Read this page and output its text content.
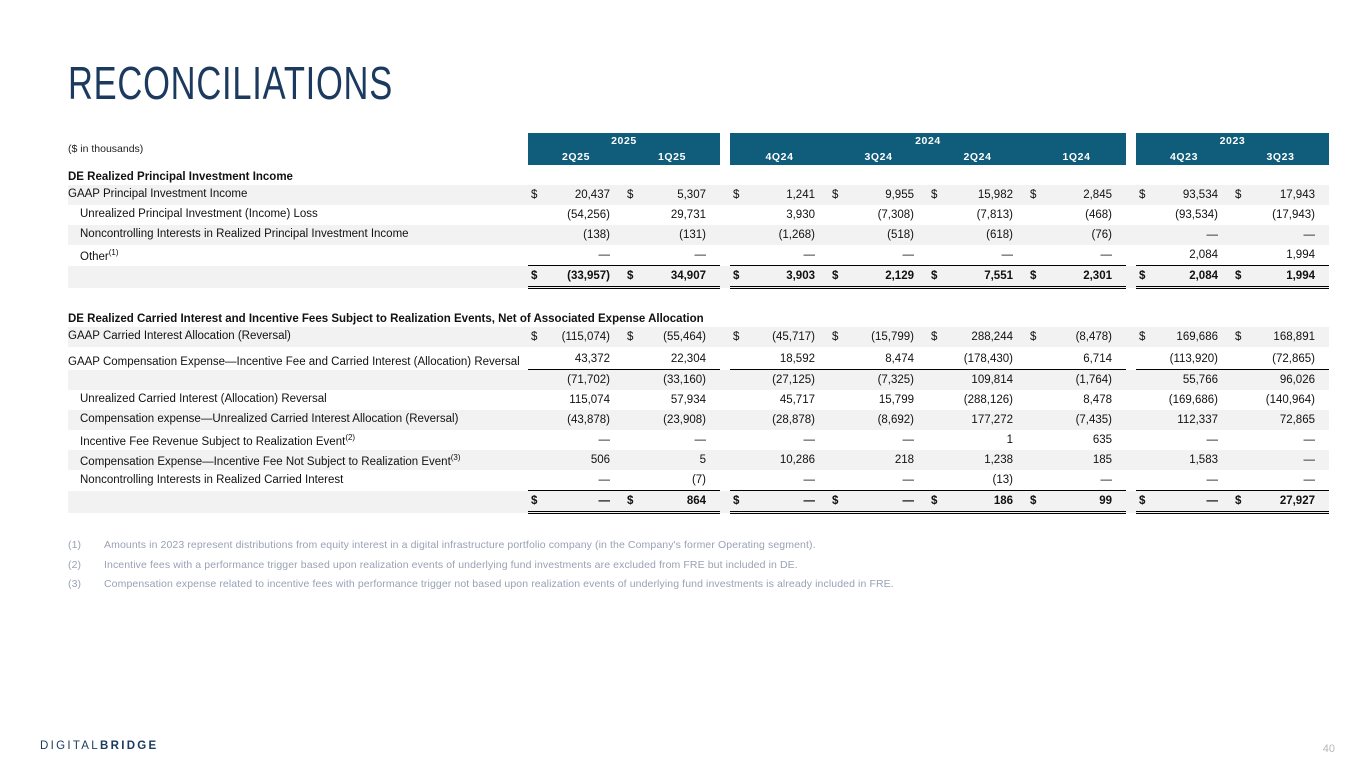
RECONCILIATIONS
($ in thousands)	2025			2024					2023	
	2Q25	1Q25		4Q24	3Q24	2Q24	1Q24		4Q23	3Q23
DE Realized Principal Investment Income										
GAAP Principal Investment Income	$ 20,437	$ 5,307		$ 1,241	$ 9,955	$ 15,982	$ 2,845		$ 93,534	$ 17,943

Unrealized Principal Investment (Income) Loss	(54,256)	29,731		3,930	(7,308)	(7,813)	(468)		(93,534)	(17,943)

Noncontrolling Interests in Realized Principal Investment Income	(138)	(131)		(1,268)	(518)	(618)	(76)		—	—

Other$^{(1)}$	—	—		—	—	—	—		2,084	1,994

	$ (33,957)	$ 34,907		$ 3,903	$ 2,129	$ 7,551	$ 2,301		$ 2,084	$ 1,994

DE Realized Carried Interest and Incentive Fees Subject to Realization Events, Net of Associated Expense Allocation										
GAAP Carried Interest Allocation (Reversal)	$ (115,074)	$ (55,464)		$ (45,717)	$ (15,799)	$ 288,244	$ (8,478)		$ 169,686	$ 168,891

GAAP Compensation Expense—Incentive Fee and Carried Interest (Allocation) Reversal	43,372	22,304		18,592	8,474	(178,430)	6,714		(113,920)	(72,865)

	(71,702)	(33,160)		(27,125)	(7,325)	109,814	(1,764)		55,766	96,026

Unrealized Carried Interest (Allocation) Reversal	115,074	57,934		45,717	15,799	(288,126)	8,478		(169,686)	(140,964)

Compensation expense—Unrealized Carried Interest Allocation (Reversal)	(43,878)	(23,908)		(28,878)	(8,692)	177,272	(7,435)		112,337	72,865

Incentive Fee Revenue Subject to Realization Event$^{(2)}$	—	—		—	—	1	635		—	—

Compensation Expense—Incentive Fee Not Subject to Realization Event$^{(3)}$	506	5		10,286	218	1,238	185		1,583	—

Noncontrolling Interests in Realized Carried Interest	—	(7)		—	—	(13)	—		—	—

	$ —	$ 864		$ —	$ —	$ 186	$ 99		$ —	$ 27,927
(1)	Amounts in 2023 represent distributions from equity interest in a digital infrastructure portfolio company (in the Company's former Operating segment).
(2)	Incentive fees with a performance trigger based upon realization events of underlying fund investments are excluded from FRE but included in DE.
(3)	Compensation expense related to incentive fees with performance trigger not based upon realization events of underlying fund investments is already included in FRE.
DIGITALBRIDGE	40
